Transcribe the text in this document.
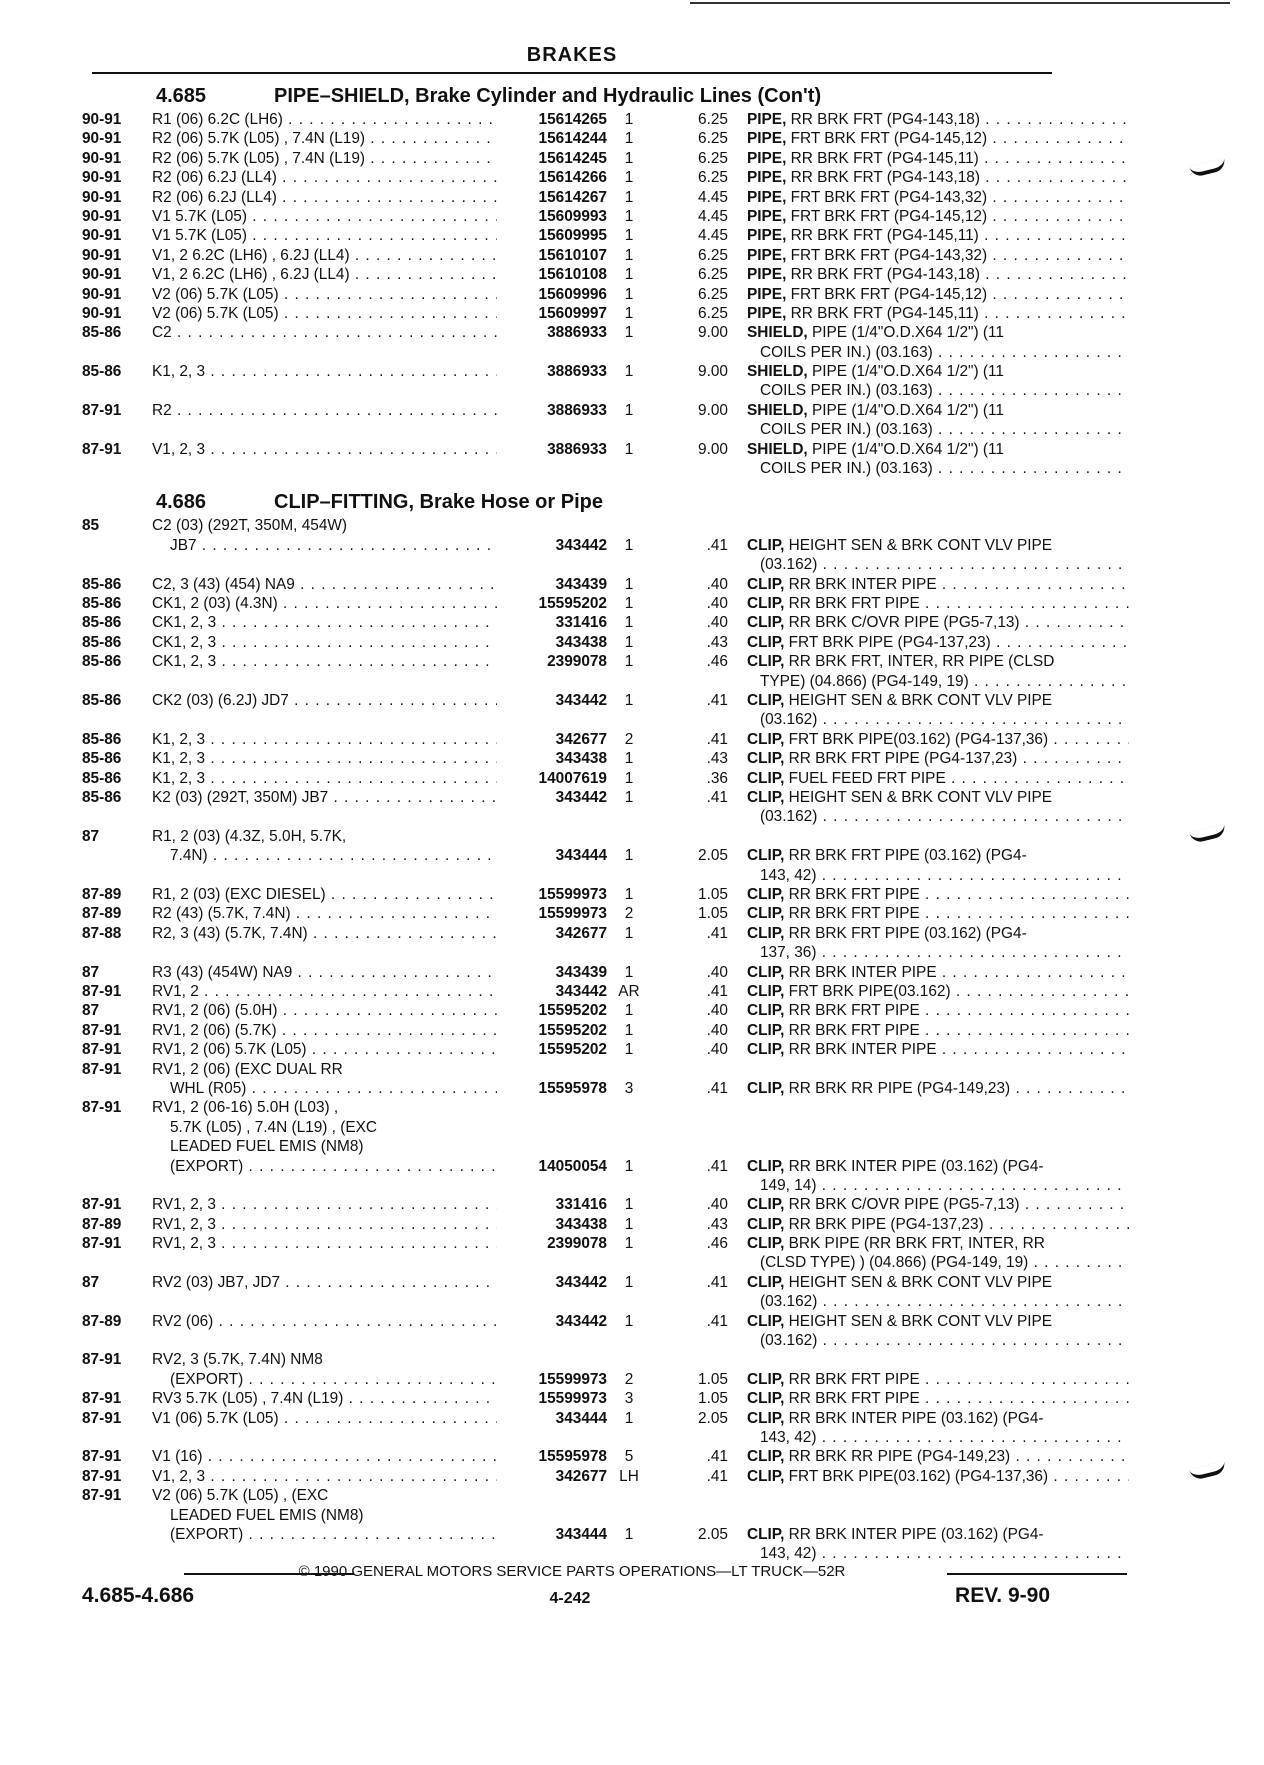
BRAKES
4.685	PIPE–SHIELD, Brake Cylinder and Hydraulic Lines (Con't)
90-91 R1 (06) 6.2C (LH6) . . .	15614265	1	6.25 PIPE, RR BRK FRT (PG4-143,18) . . .
90-91 R2 (06) 5.7K (L05) , 7.4N (L19) . . .	15614244	1	6.25 PIPE, FRT BRK FRT (PG4-145,12) . . .
90-91 R2 (06) 5.7K (L05) , 7.4N (L19) . . .	15614245	1	6.25 PIPE, RR BRK FRT (PG4-145,11) . . .
90-91 R2 (06) 6.2J (LL4) . . .	15614266	1	6.25 PIPE, RR BRK FRT (PG4-143,18) . . .
90-91 R2 (06) 6.2J (LL4) . . .	15614267	1	4.45 PIPE, FRT BRK FRT (PG4-143,32) . . .
90-91 V1 5.7K (L05) . . .	15609993	1	4.45 PIPE, FRT BRK FRT (PG4-145,12) . . .
90-91 V1 5.7K (L05) . . .	15609995	1	4.45 PIPE, RR BRK FRT (PG4-145,11) . . .
90-91 V1, 2 6.2C (LH6) , 6.2J (LL4) . . .	15610107	1	6.25 PIPE, FRT BRK FRT (PG4-143,32) . . .
90-91 V1, 2 6.2C (LH6) , 6.2J (LL4) . . .	15610108	1	6.25 PIPE, RR BRK FRT (PG4-143,18) . . .
90-91 V2 (06) 5.7K (L05) . . .	15609996	1	6.25 PIPE, FRT BRK FRT (PG4-145,12) . . .
90-91 V2 (06) 5.7K (L05) . . .	15609997	1	6.25 PIPE, RR BRK FRT (PG4-145,11) . . .
85-86 C2 . . .	3886933	1	9.00 SHIELD, PIPE (1/4"O.D.X64 1/2") (11
COILS PER IN.) (03.163) . . .
85-86 K1, 2, 3 . . .	3886933	1	9.00 SHIELD, PIPE (1/4"O.D.X64 1/2") (11
COILS PER IN.) (03.163) . . .
87-91 R2 . . .	3886933	1	9.00 SHIELD, PIPE (1/4"O.D.X64 1/2") (11
COILS PER IN.) (03.163) . . .
87-91 V1, 2, 3 . . .	3886933	1	9.00 SHIELD, PIPE (1/4"O.D.X64 1/2") (11
COILS PER IN.) (03.163) . . .
4.686	CLIP–FITTING, Brake Hose or Pipe
85	C2 (03) (292T, 350M, 454W)
JB7 . . .	343442	1	.41 CLIP, HEIGHT SEN & BRK CONT VLV PIPE
(03.162) . . .
85-86 C2, 3 (43) (454) NA9 . . .	343439	1	.40 CLIP, RR BRK INTER PIPE . . .
85-86 CK1, 2 (03) (4.3N) . . .	15595202	1	.40 CLIP, RR BRK FRT PIPE . . .
85-86 CK1, 2, 3 . . .	331416	1	.40 CLIP, RR BRK C/OVR PIPE (PG5-7,13) . . .
85-86 CK1, 2, 3 . . .	343438	1	.43 CLIP, FRT BRK PIPE (PG4-137,23) . . .
85-86 CK1, 2, 3 . . .	2399078	1	.46 CLIP, RR BRK FRT, INTER, RR PIPE (CLSD
TYPE) (04.866) (PG4-149, 19) . . .
85-86 CK2 (03) (6.2J) JD7 . . .	343442	1	.41 CLIP, HEIGHT SEN & BRK CONT VLV PIPE
(03.162) . . .
85-86 K1, 2, 3 . . .	342677	2	.41 CLIP, FRT BRK PIPE(03.162) (PG4-137,36) . . .
85-86 K1, 2, 3 . . .	343438	1	.43 CLIP, RR BRK FRT PIPE (PG4-137,23) . . .
85-86 K1, 2, 3 . . .	14007619	1	.36 CLIP, FUEL FEED FRT PIPE . . .
85-86 K2 (03) (292T, 350M) JB7 . . .	343442	1	.41 CLIP, HEIGHT SEN & BRK CONT VLV PIPE
(03.162) . . .
87	R1, 2 (03) (4.3Z, 5.0H, 5.7K,
7.4N) . . .	343444	1	2.05 CLIP, RR BRK FRT PIPE (03.162) (PG4-
143, 42) . . .
87-89 R1, 2 (03) (EXC DIESEL) . . .	15599973	1	1.05 CLIP, RR BRK FRT PIPE . . .
87-89 R2 (43) (5.7K, 7.4N) . . .	15599973	2	1.05 CLIP, RR BRK FRT PIPE . . .
87-88 R2, 3 (43) (5.7K, 7.4N) . . .	342677	1	.41 CLIP, RR BRK FRT PIPE (03.162) (PG4-
137, 36) . . .
87	R3 (43) (454W) NA9 . . .	343439	1	.40 CLIP, RR BRK INTER PIPE . . .
87-91 RV1, 2 . . .	343442 AR	.41 CLIP, FRT BRK PIPE(03.162) . . .
87	RV1, 2 (06) (5.0H) . . .	15595202	1	.40 CLIP, RR BRK FRT PIPE . . .
87-91 RV1, 2 (06) (5.7K) . . .	15595202	1	.40 CLIP, RR BRK FRT PIPE . . .
87-91 RV1, 2 (06) 5.7K (L05) . . .	15595202	1	.40 CLIP, RR BRK INTER PIPE . . .
87-91 RV1, 2 (06) (EXC DUAL RR
WHL (R05) . . .	15595978	3	.41 CLIP, RR BRK RR PIPE (PG4-149,23) . . .
87-91 RV1, 2 (06-16) 5.0H (L03) ,
5.7K (L05) , 7.4N (L19) , (EXC
LEADED FUEL EMIS (NM8)
(EXPORT) . . .	14050054	1	.41 CLIP, RR BRK INTER PIPE (03.162) (PG4-
149, 14) . . .
87-91 RV1, 2, 3 . . .	331416	1	.40 CLIP, RR BRK C/OVR PIPE (PG5-7,13) . . .
87-89 RV1, 2, 3 . . .	343438	1	.43 CLIP, RR BRK PIPE (PG4-137,23) . . .
87-91 RV1, 2, 3 . . .	2399078	1	.46 CLIP, BRK PIPE (RR BRK FRT, INTER, RR
(CLSD TYPE) ) (04.866) (PG4-149, 19) . . .
87	RV2 (03) JB7, JD7 . . .	343442	1	.41 CLIP, HEIGHT SEN & BRK CONT VLV PIPE
(03.162) . . .
87-89 RV2 (06) . . .	343442	1	.41 CLIP, HEIGHT SEN & BRK CONT VLV PIPE
(03.162) . . .
87-91 RV2, 3 (5.7K, 7.4N) NM8
(EXPORT) . . .	15599973	2	1.05 CLIP, RR BRK FRT PIPE . . .
87-91 RV3 5.7K (L05) , 7.4N (L19) . . .	15599973	3	1.05 CLIP, RR BRK FRT PIPE . . .
87-91 V1 (06) 5.7K (L05) . . .	343444	1	2.05 CLIP, RR BRK INTER PIPE (03.162) (PG4-
143, 42) . . .
87-91 V1 (16) . . .	15595978	5	.41 CLIP, RR BRK RR PIPE (PG4-149,23) . . .
87-91 V1, 2, 3 . . .	342677 LH	.41 CLIP, FRT BRK PIPE(03.162) (PG4-137,36) . . .
87-91 V2 (06) 5.7K (L05) , (EXC
LEADED FUEL EMIS (NM8)
(EXPORT) . . .	343444	1	2.05 CLIP, RR BRK INTER PIPE (03.162) (PG4-
143, 42) . . .
© 1990 GENERAL MOTORS SERVICE PARTS OPERATIONS—LT TRUCK—52R
4.685-4.686	4-242	REV. 9-90
